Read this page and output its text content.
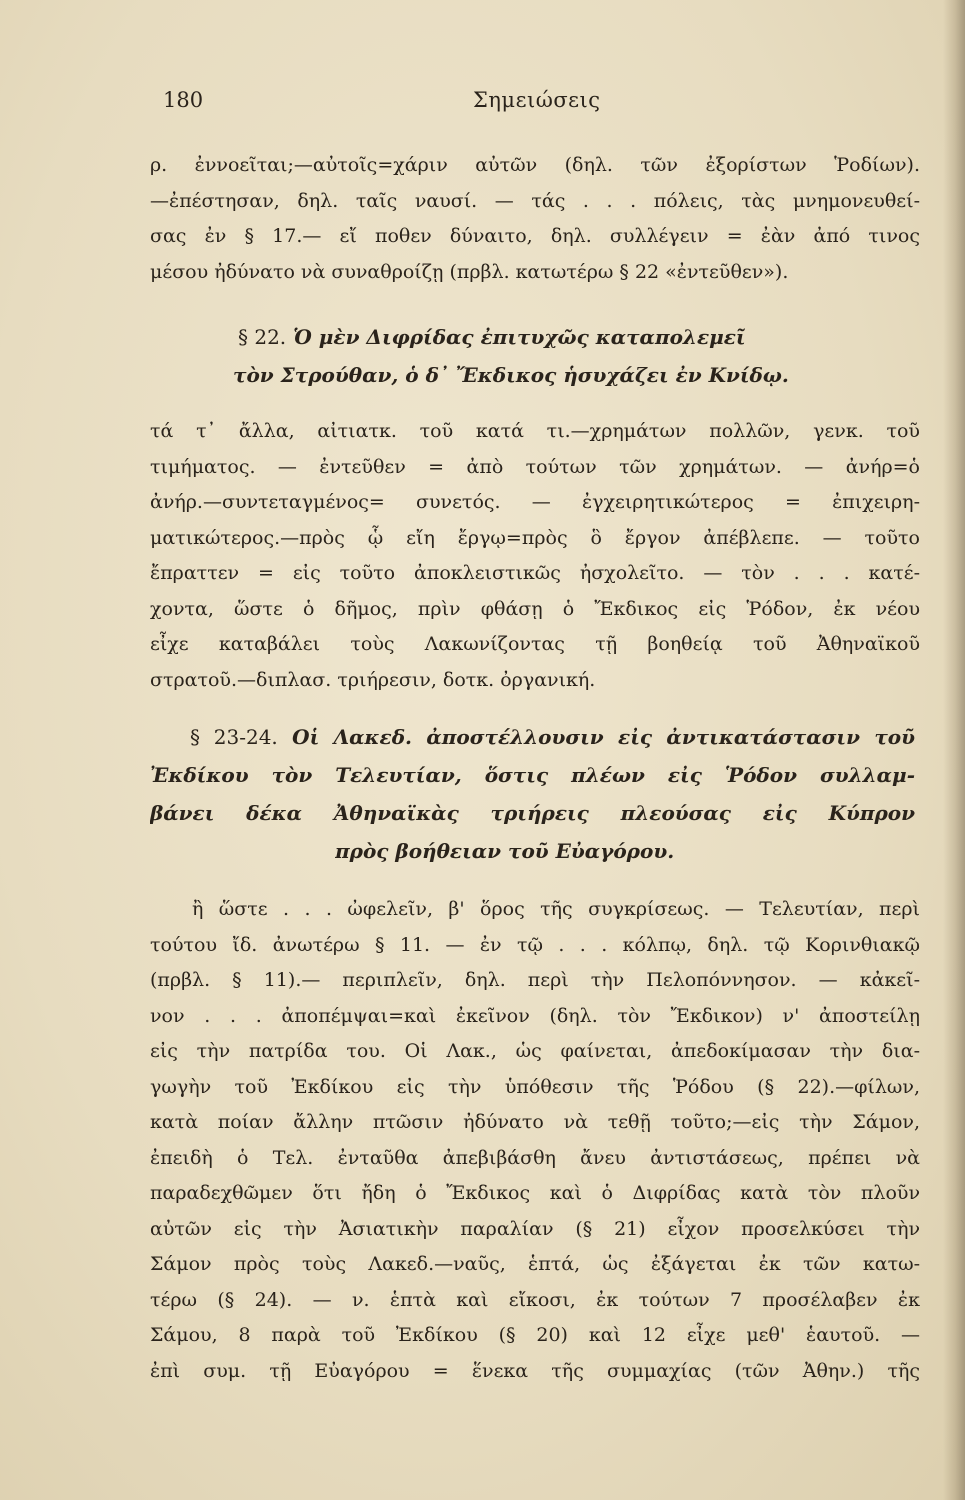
180	Σημειώσεις
ρ. ἐννοεῖται;—αὐτοῖς=χάριν αὐτῶν (δηλ. τῶν ἐξορίστων Ῥοδίων).
—ἐπέστησαν, δηλ. ταῖς ναυσί. — τάς . . . πόλεις, τὰς μνημονευθεί-
σας ἐν § 17.— εἴ ποθεν δύναιτο, δηλ. συλλέγειν = ἐὰν ἀπό τινος
μέσου ἠδύνατο νὰ συναθροίζῃ (πρβλ. κατωτέρω § 22 «ἐντεῦθεν»).
§ 22. Ὁ μὲν Διφρίδας ἐπιτυχῶς καταπολεμεῖ
τὸν Στρούθαν, ὁ δ᾿ Ἔκδικος ἡσυχάζει ἐν Κνίδῳ.
τά τ᾿ ἄλλα, αἰτιατκ. τοῦ κατά τι.—χρημάτων πολλῶν, γενκ. τοῦ
τιμήματος. — ἐντεῦθεν = ἀπὸ τούτων τῶν χρημάτων. — ἀνήρ=ὁ
ἀνήρ.—συντεταγμένος= συνετός. — ἐγχειρητικώτερος = ἐπιχειρη-
ματικώτερος.—πρὸς ᾧ εἴη ἔργῳ=πρὸς ὃ ἔργον ἀπέβλεπε. — τοῦτο
ἔπραττεν = εἰς τοῦτο ἀποκλειστικῶς ἠσχολεῖτο. — τὸν . . . κατέ-
χοντα, ὥστε ὁ δῆμος, πρὶν φθάσῃ ὁ Ἔκδικος εἰς Ῥόδον, ἐκ νέου
εἶχε καταβάλει τοὺς Λακωνίζοντας τῇ βοηθείᾳ τοῦ Ἀθηναϊκοῦ
στρατοῦ.—διπλασ. τριήρεσιν, δοτκ. ὀργανική.
§ 23-24. Οἱ Λακεδ. ἀποστέλλουσιν εἰς ἀντικατάστασιν τοῦ
Ἐκδίκου τὸν Τελευτίαν, ὅστις πλέων εἰς Ῥόδον συλλαμ-
βάνει δέκα Ἀθηναϊκὰς τριήρεις πλεούσας εἰς Κύπρον
πρὸς βοήθειαν τοῦ Εὐαγόρου.
ἢ ὥστε . . . ὠφελεῖν, β' ὅρος τῆς συγκρίσεως. — Τελευτίαν, περὶ
τούτου ἴδ. ἀνωτέρω § 11. — ἐν τῷ . . . κόλπῳ, δηλ. τῷ Κορινθιακῷ
(πρβλ. § 11).— περιπλεῖν, δηλ. περὶ τὴν Πελοπόννησον. — κἀκεῖ-
νον . . . ἀποπέμψαι=καὶ ἐκεῖνον (δηλ. τὸν Ἔκδικον) ν' ἀποστείλῃ
εἰς τὴν πατρίδα του. Οἱ Λακ., ὡς φαίνεται, ἀπεδοκίμασαν τὴν δια-
γωγὴν τοῦ Ἐκδίκου εἰς τὴν ὑπόθεσιν τῆς Ῥόδου (§ 22).—φίλων,
κατὰ ποίαν ἄλλην πτῶσιν ἠδύνατο νὰ τεθῇ τοῦτο;—εἰς τὴν Σάμον,
ἐπειδὴ ὁ Τελ. ἐνταῦθα ἀπεβιβάσθη ἄνευ ἀντιστάσεως, πρέπει νὰ
παραδεχθῶμεν ὅτι ἤδη ὁ Ἔκδικος καὶ ὁ Διφρίδας κατὰ τὸν πλοῦν
αὐτῶν εἰς τὴν Ἀσιατικὴν παραλίαν (§ 21) εἶχον προσελκύσει τὴν
Σάμον πρὸς τοὺς Λακεδ.—ναῦς, ἑπτά, ὡς ἐξάγεται ἐκ τῶν κατω-
τέρω (§ 24). — ν. ἑπτὰ καὶ εἴκοσι, ἐκ τούτων 7 προσέλαβεν ἐκ
Σάμου, 8 παρὰ τοῦ Ἐκδίκου (§ 20) καὶ 12 εἶχε μεθ' ἑαυτοῦ. —
ἐπὶ συμ. τῇ Εὐαγόρου = ἕνεκα τῆς συμμαχίας (τῶν Ἀθην.) τῆς
